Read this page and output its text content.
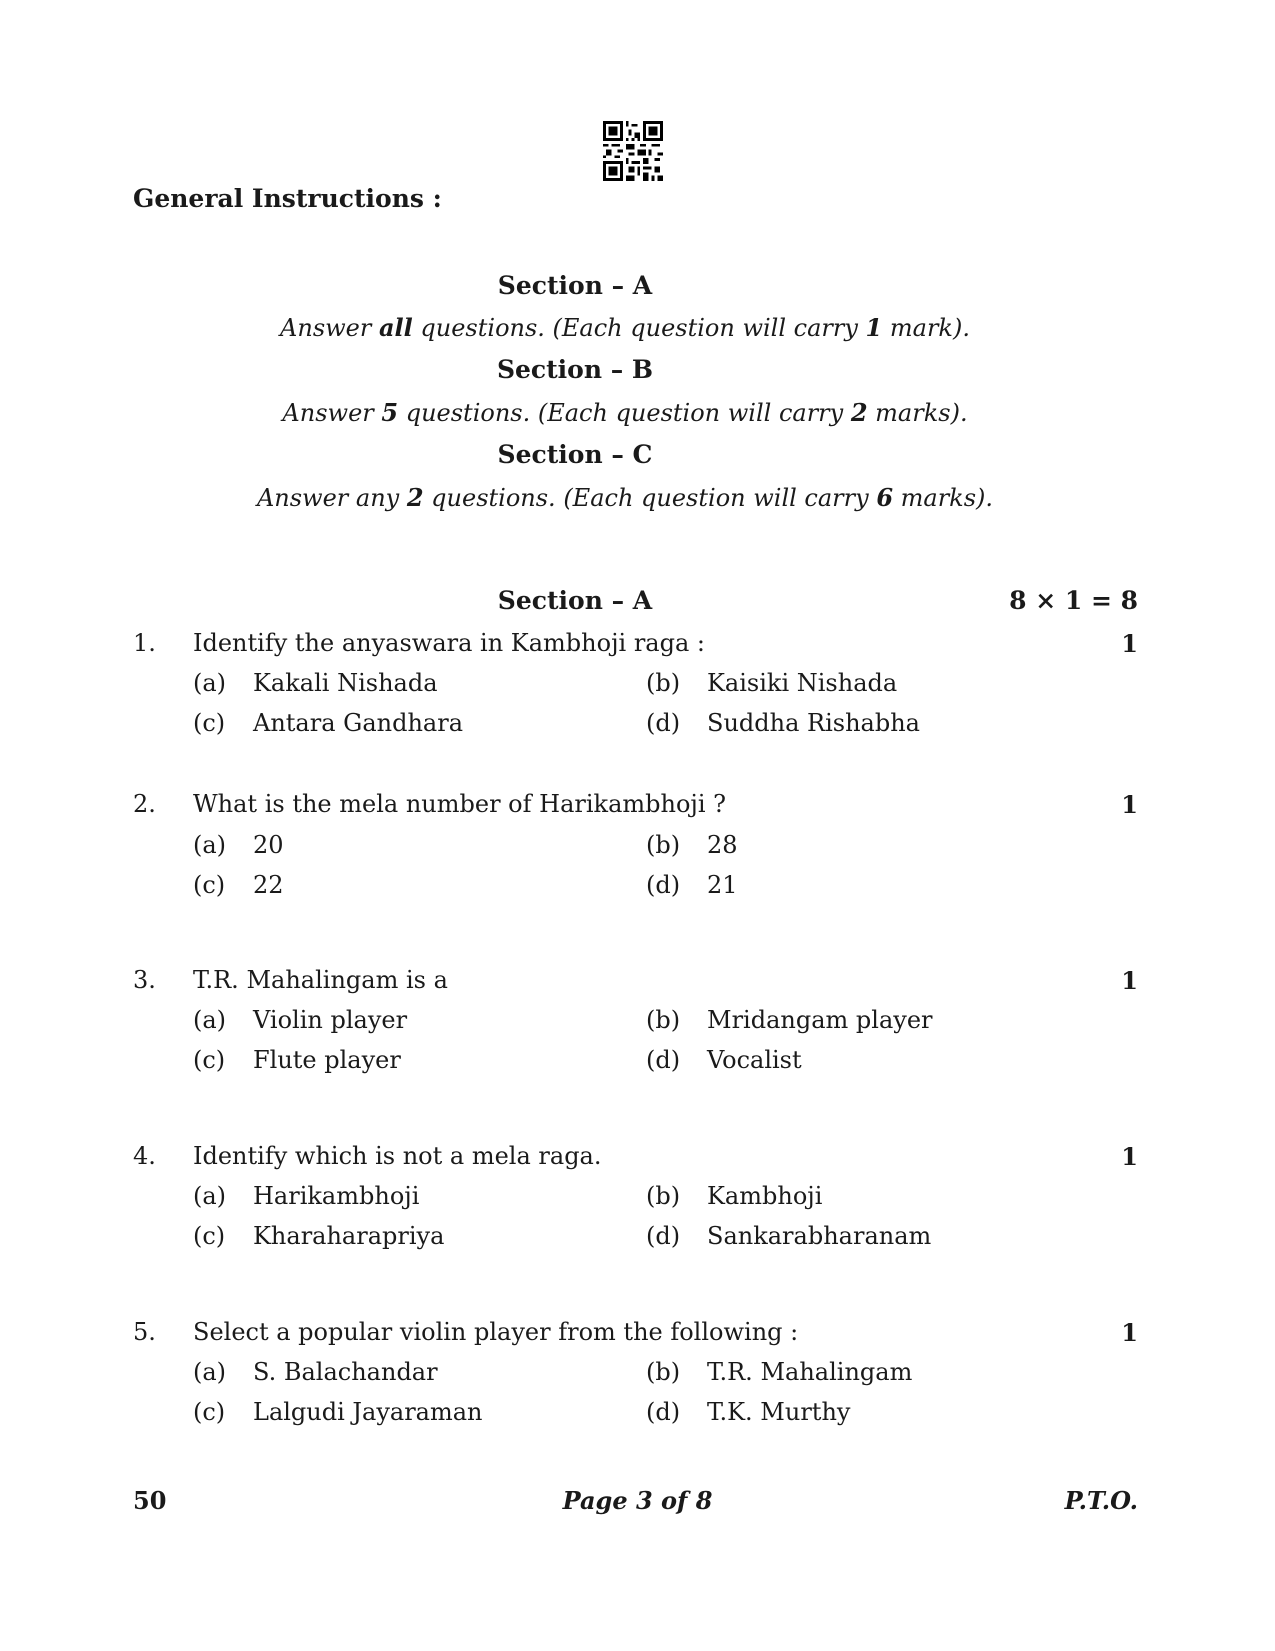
General Instructions :
Section – A
Answer all questions. (Each question will carry 1 mark).
Section – B
Answer 5 questions. (Each question will carry 2 marks).
Section – C
Answer any 2 questions. (Each question will carry 6 marks).
Section – A	8 × 1 = 8
1. Identify the anyaswara in Kambhoji raga :	1
(a) Kakali Nishada	(b) Kaisiki Nishada
(c) Antara Gandhara	(d) Suddha Rishabha
2. What is the mela number of Harikambhoji ?	1
(a) 20	(b) 28
(c) 22	(d) 21
3. T.R. Mahalingam is a	1
(a) Violin player	(b) Mridangam player
(c) Flute player	(d) Vocalist
4. Identify which is not a mela raga.	1
(a) Harikambhoji	(b) Kambhoji
(c) Kharaharapriya	(d) Sankarabharanam
5. Select a popular violin player from the following :	1
(a) S. Balachandar	(b) T.R. Mahalingam
(c) Lalgudi Jayaraman	(d) T.K. Murthy
50	Page 3 of 8	P.T.O.
